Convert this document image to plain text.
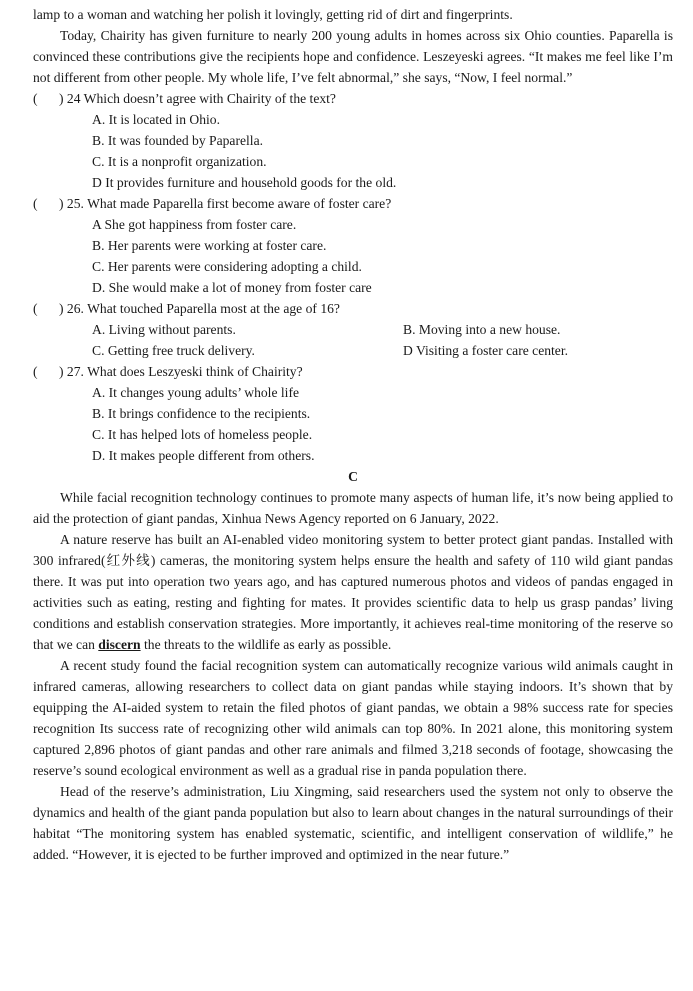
lamp to a woman and watching her polish it lovingly, getting rid of dirt and fingerprints.

Today, Chairity has given furniture to nearly 200 young adults in homes across six Ohio counties. Paparella is convinced these contributions give the recipients hope and confidence. Leszeyeski agrees. “It makes me feel like I’m not different from other people. My whole life, I’ve felt abnormal,” she says, “Now, I feel normal.”

(	) 24 Which doesn’t agree with Chairity of the text?

A. It is located in Ohio.

B. It was founded by Paparella.

C. It is a nonprofit organization.

D It provides furniture and household goods for the old.

(	) 25. What made Paparella first become aware of foster care?

A She got happiness from foster care.

B. Her parents were working at foster care.

C. Her parents were considering adopting a child.

D. She would make a lot of money from foster care

(	) 26. What touched Paparella most at the age of 16?
A. Living without parents.	B. Moving into a new house.
C. Getting free truck delivery.	D Visiting a foster care center.
(	) 27. What does Leszyeski think of Chairity?

A. It changes young adults’ whole life

B. It brings confidence to the recipients.

C. It has helped lots of homeless people.

D. It makes people different from others.

C

While facial recognition technology continues to promote many aspects of human life, it’s now being applied to aid the protection of giant pandas, Xinhua News Agency reported on 6 January, 2022.

A nature reserve has built an AI-enabled video monitoring system to better protect giant pandas. Installed with 300 infrared(红外线) cameras, the monitoring system helps ensure the health and safety of 110 wild giant pandas there. It was put into operation two years ago, and has captured numerous photos and videos of pandas engaged in activities such as eating, resting and fighting for mates. It provides scientific data to help us grasp pandas’ living conditions and establish conservation strategies. More importantly, it achieves real-time monitoring of the reserve so that we can discern the threats to the wildlife as early as possible.

A recent study found the facial recognition system can automatically recognize various wild animals caught in infrared cameras, allowing researchers to collect data on giant pandas while staying indoors. It’s shown that by equipping the AI-aided system to retain the filed photos of giant pandas, we obtain a 98% success rate for species recognition Its success rate of recognizing other wild animals can top 80%. In 2021 alone, this monitoring system captured 2,896 photos of giant pandas and other rare animals and filmed 3,218 seconds of footage, showcasing the reserve’s sound ecological environment as well as a gradual rise in panda population there.

Head of the reserve’s administration, Liu Xingming, said researchers used the system not only to observe the dynamics and health of the giant panda population but also to learn about changes in the natural surroundings of their habitat “The monitoring system has enabled systematic, scientific, and intelligent conservation of wildlife,” he added. “However, it is ejected to be further improved and optimized in the near future.”
